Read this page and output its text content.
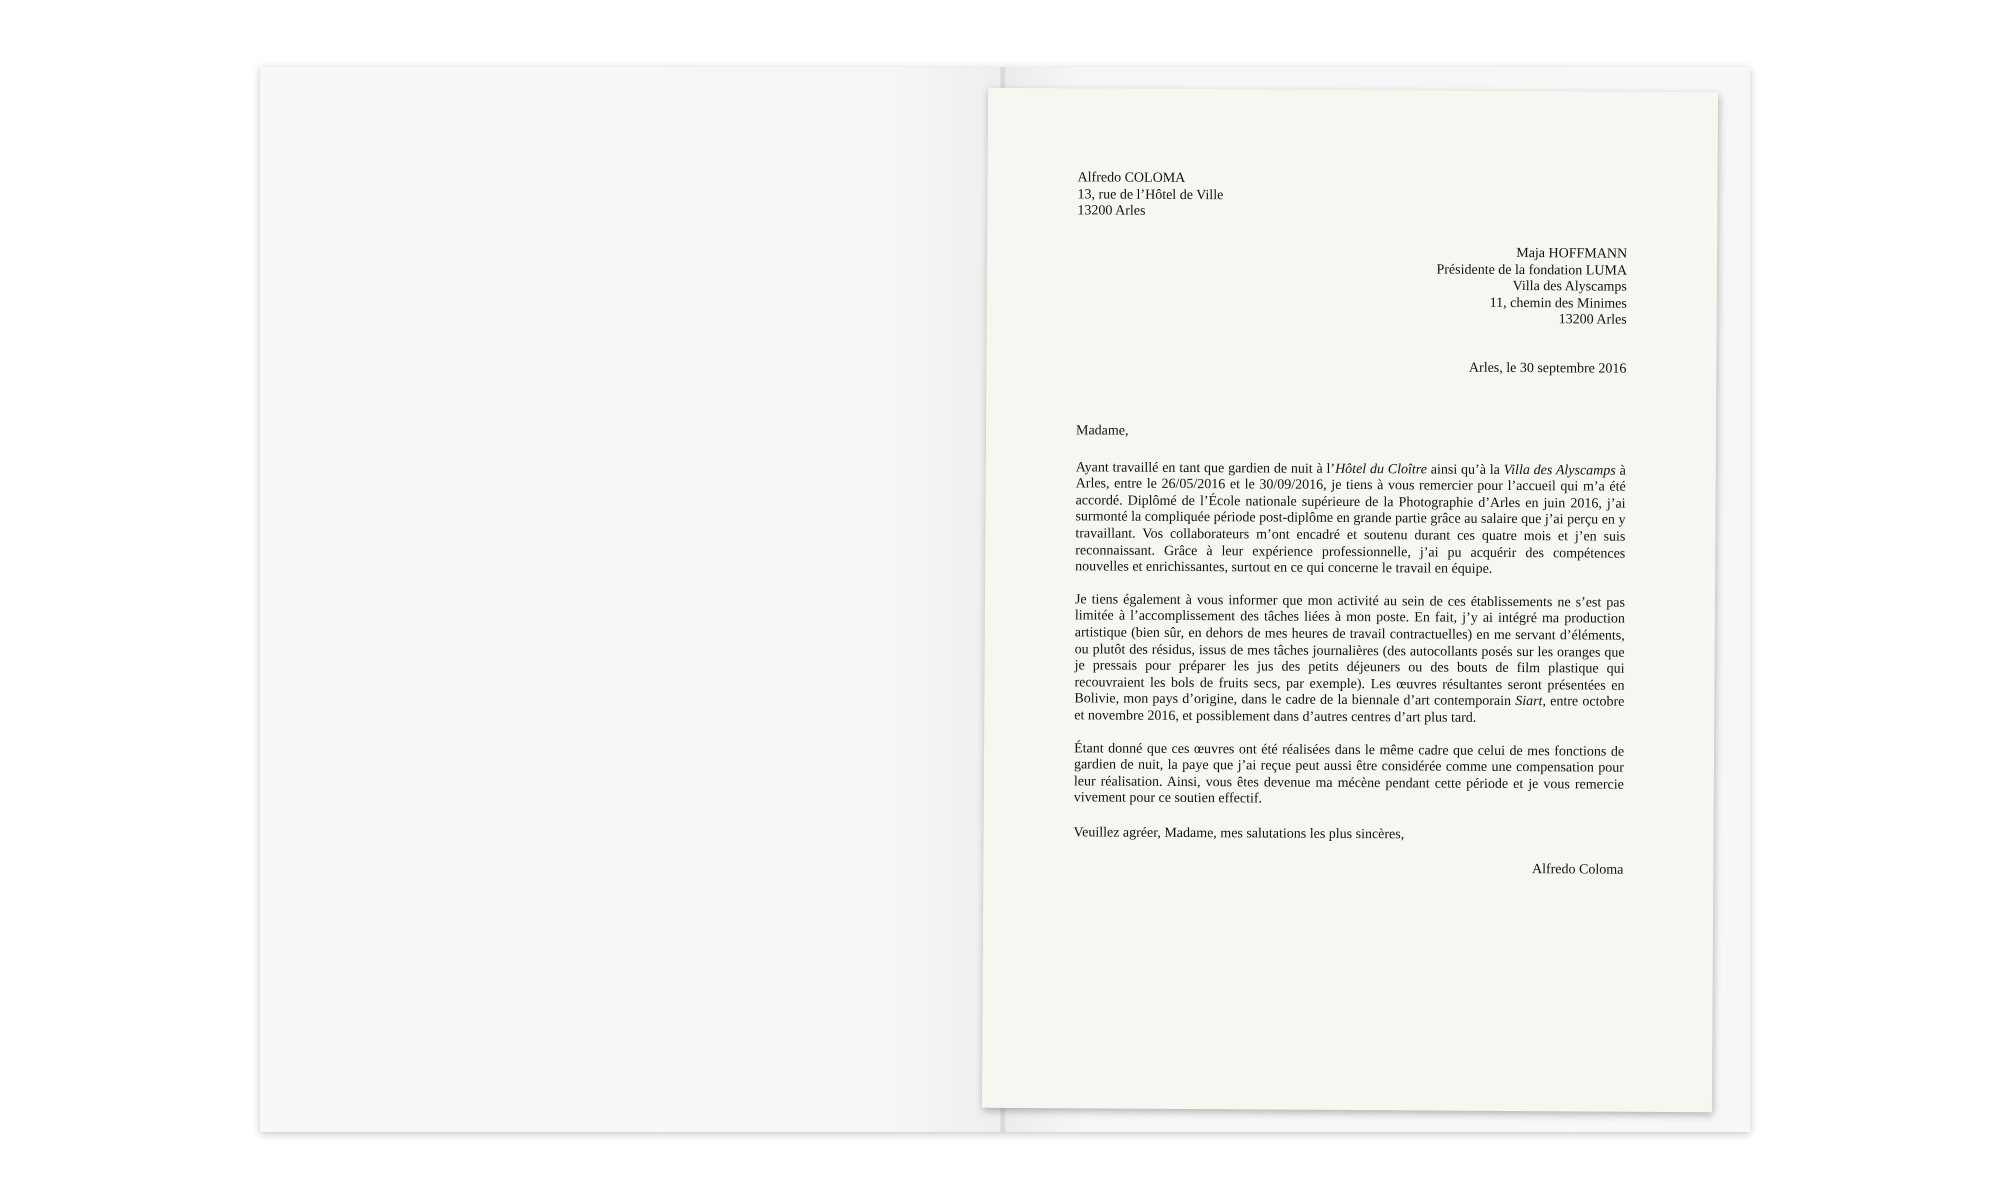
Alfredo COLOMA
13, rue de l’Hôtel de Ville
13200 Arles
Maja HOFFMANN
Présidente de la fondation LUMA
Villa des Alyscamps
11, chemin des Minimes
13200 Arles
Arles, le 30 septembre 2016

Madame,

Ayant travaillé en tant que gardien de nuit à l’Hôtel du Cloître ainsi qu’à la Villa des Alyscamps à Arles, entre le 26/05/2016 et le 30/09/2016, je tiens à vous remercier pour l’accueil qui m’a été accordé. Diplômé de l’École nationale supérieure de la Photographie d’Arles en juin 2016, j’ai surmonté la compliquée période post-diplôme en grande partie grâce au salaire que j’ai perçu en y travaillant. Vos collaborateurs m’ont encadré et soutenu durant ces quatre mois et j’en suis reconnaissant. Grâce à leur expérience professionnelle, j’ai pu acquérir des compétences nouvelles et enrichissantes, surtout en ce qui concerne le travail en équipe.

Je tiens également à vous informer que mon activité au sein de ces établissements ne s’est pas limitée à l’accomplissement des tâches liées à mon poste. En fait, j’y ai intégré ma production artistique (bien sûr, en dehors de mes heures de travail contractuelles) en me servant d’éléments, ou plutôt des résidus, issus de mes tâches journalières (des autocollants posés sur les oranges que je pressais pour préparer les jus des petits déjeuners ou des bouts de film plastique qui recouvraient les bols de fruits secs, par exemple). Les œuvres résultantes seront présentées en Bolivie, mon pays d’origine, dans le cadre de la biennale d’art contemporain Siart, entre octobre et novembre 2016, et possiblement dans d’autres centres d’art plus tard.

Étant donné que ces œuvres ont été réalisées dans le même cadre que celui de mes fonctions de gardien de nuit, la paye que j’ai reçue peut aussi être considérée comme une compensation pour leur réalisation. Ainsi, vous êtes devenue ma mécène pendant cette période et je vous remercie vivement pour ce soutien effectif.

Veuillez agréer, Madame, mes salutations les plus sincères,

Alfredo Coloma
